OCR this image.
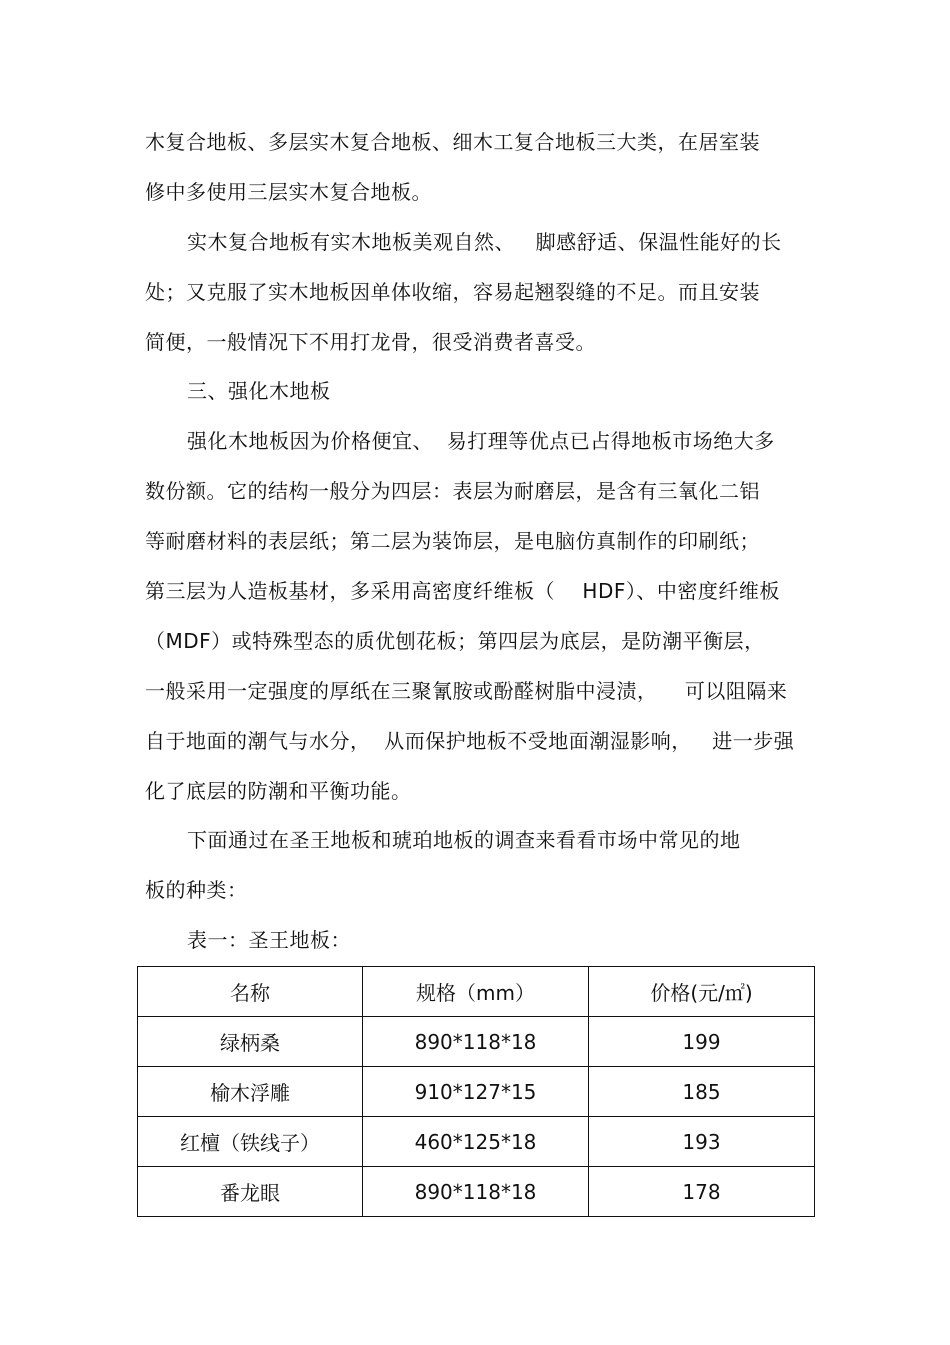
木复合地板、多层实木复合地板、细木工复合地板三大类，在居室装
修中多使用三层实木复合地板。
实木复合地板有实木地板美观自然、   脚感舒适、保温性能好的长
处；又克服了实木地板因单体收缩，容易起翘裂缝的不足。而且安装
简便，一般情况下不用打龙骨，很受消费者喜受。
三、强化木地板
强化木地板因为价格便宜、  易打理等优点已占得地板市场绝大多
数份额。它的结构一般分为四层：表层为耐磨层，是含有三氧化二铝
等耐磨材料的表层纸；第二层为装饰层，是电脑仿真制作的印刷纸；
第三层为人造板基材，多采用高密度纤维板（    HDF）、中密度纤维板
（MDF）或特殊型态的质优刨花板；第四层为底层，是防潮平衡层，
一般采用一定强度的厚纸在三聚氰胺或酚醛树脂中浸渍，    可以阻隔来
自于地面的潮气与水分，  从而保护地板不受地面潮湿影响，   进一步强
化了底层的防潮和平衡功能。
下面通过在圣王地板和琥珀地板的调查来看看市场中常见的地
板的种类：
表一：圣王地板：
名称	规格（mm）	价格(元/㎡)
绿柄桑	890*118*18	199
榆木浮雕	910*127*15	185
红檀（铁线子）	460*125*18	193
番龙眼	890*118*18	178
